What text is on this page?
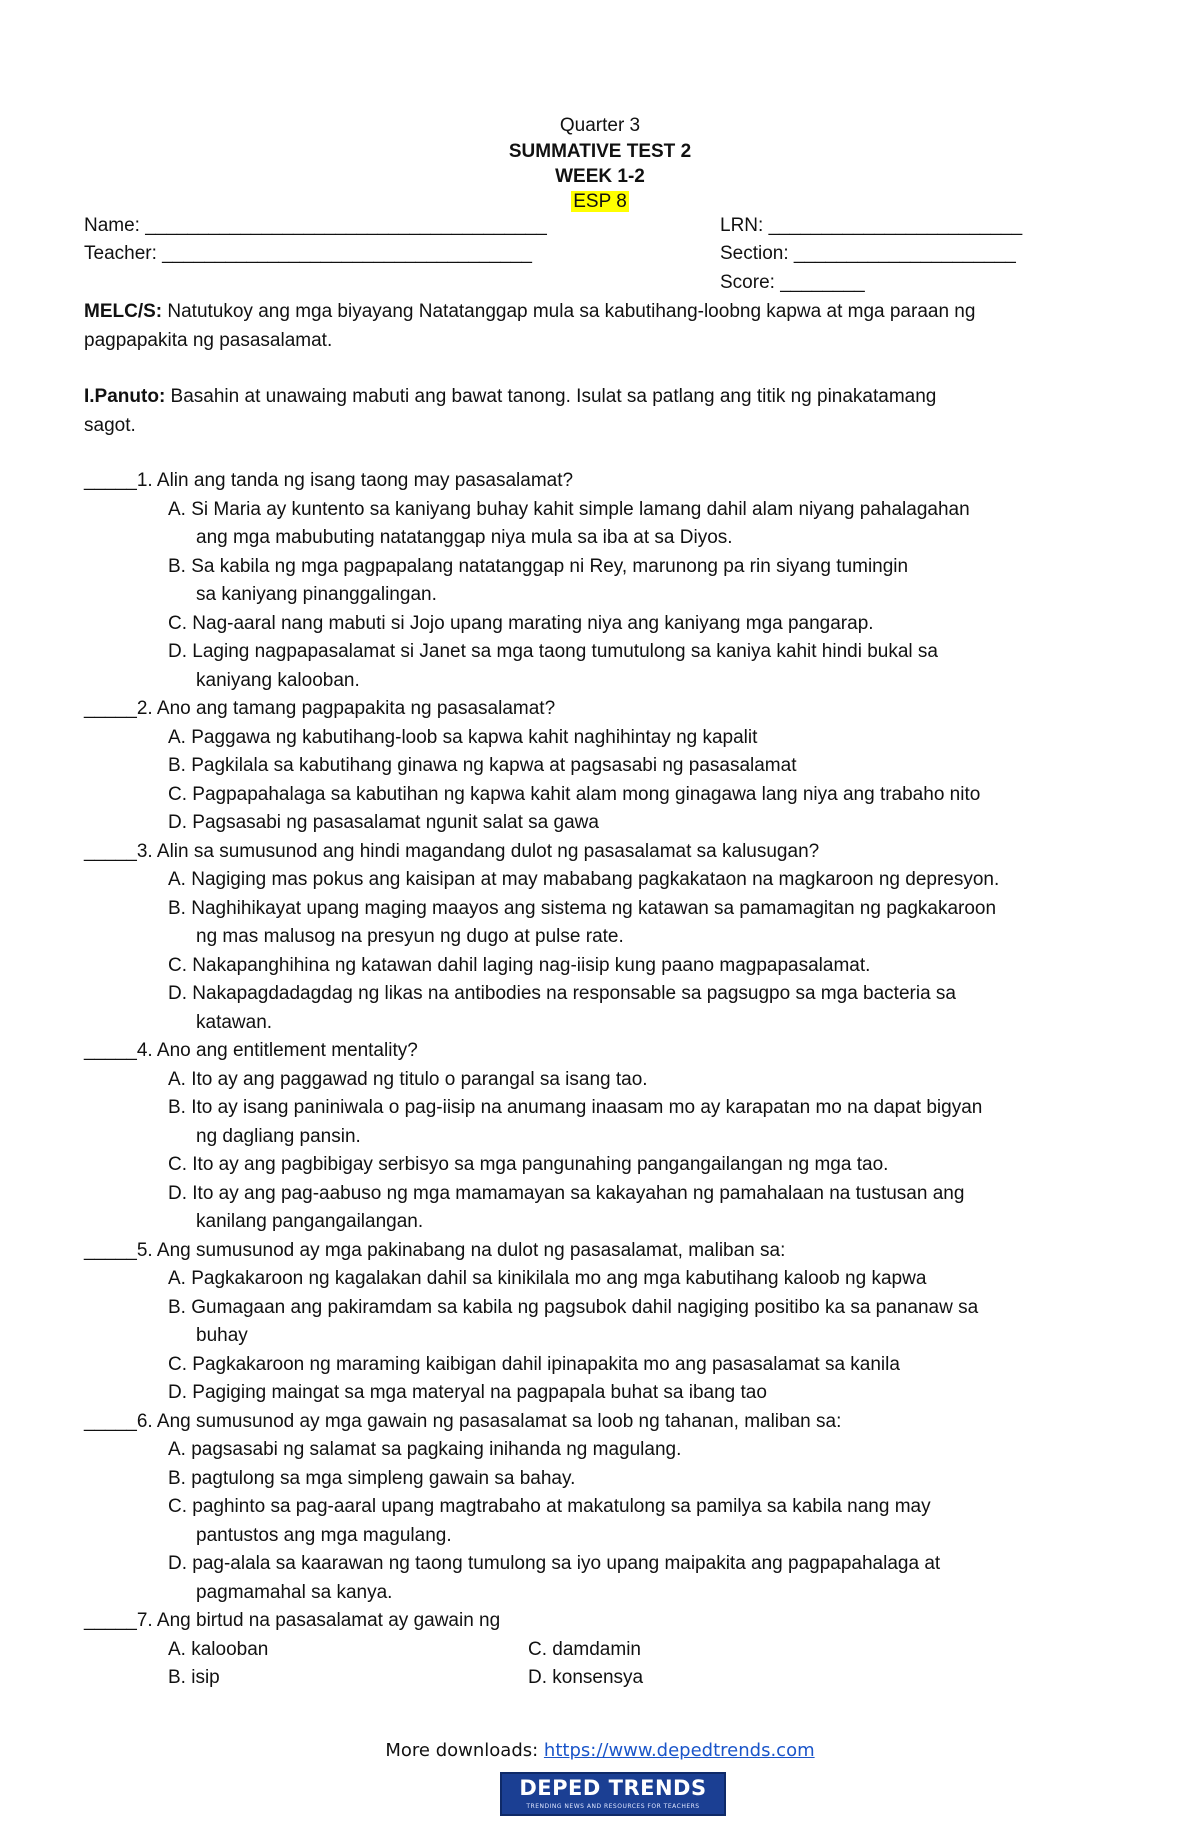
Quarter 3
SUMMATIVE TEST 2
WEEK 1-2
ESP 8
Name: ______________________________________	LRN: ________________________
Teacher: ___________________________________	Section: _____________________
Score: ________
MELC/S: Natutukoy ang mga biyayang Natatanggap mula sa kabutihang-loobng kapwa at mga paraan ng
pagpapakita ng pasasalamat.
I.Panuto: Basahin at unawaing mabuti ang bawat tanong. Isulat sa patlang ang titik ng pinakatamang
sagot.
_____1. Alin ang tanda ng isang taong may pasasalamat?
A. Si Maria ay kuntento sa kaniyang buhay kahit simple lamang dahil alam niyang pahalagahan
ang mga mabubuting natatanggap niya mula sa iba at sa Diyos.
B. Sa kabila ng mga pagpapalang natatanggap ni Rey, marunong pa rin siyang tumingin
sa kaniyang pinanggalingan.
C. Nag-aaral nang mabuti si Jojo upang marating niya ang kaniyang mga pangarap.
D. Laging nagpapasalamat si Janet sa mga taong tumutulong sa kaniya kahit hindi bukal sa
kaniyang kalooban.
_____2. Ano ang tamang pagpapakita ng pasasalamat?
A. Paggawa ng kabutihang-loob sa kapwa kahit naghihintay ng kapalit
B. Pagkilala sa kabutihang ginawa ng kapwa at pagsasabi ng pasasalamat
C. Pagpapahalaga sa kabutihan ng kapwa kahit alam mong ginagawa lang niya ang trabaho nito
D. Pagsasabi ng pasasalamat ngunit salat sa gawa
_____3. Alin sa sumusunod ang hindi magandang dulot ng pasasalamat sa kalusugan?
A. Nagiging mas pokus ang kaisipan at may mababang pagkakataon na magkaroon ng depresyon.
B. Naghihikayat upang maging maayos ang sistema ng katawan sa pamamagitan ng pagkakaroon
ng mas malusog na presyun ng dugo at pulse rate.
C. Nakapanghihina ng katawan dahil laging nag-iisip kung paano magpapasalamat.
D. Nakapagdadagdag ng likas na antibodies na responsable sa pagsugpo sa mga bacteria sa
katawan.
_____4. Ano ang entitlement mentality?
A. Ito ay ang paggawad ng titulo o parangal sa isang tao.
B. Ito ay isang paniniwala o pag-iisip na anumang inaasam mo ay karapatan mo na dapat bigyan
ng dagliang pansin.
C. Ito ay ang pagbibigay serbisyo sa mga pangunahing pangangailangan ng mga tao.
D. Ito ay ang pag-aabuso ng mga mamamayan sa kakayahan ng pamahalaan na tustusan ang
kanilang pangangailangan.
_____5. Ang sumusunod ay mga pakinabang na dulot ng pasasalamat, maliban sa:
A. Pagkakaroon ng kagalakan dahil sa kinikilala mo ang mga kabutihang kaloob ng kapwa
B. Gumagaan ang pakiramdam sa kabila ng pagsubok dahil nagiging positibo ka sa pananaw sa
buhay
C. Pagkakaroon ng maraming kaibigan dahil ipinapakita mo ang pasasalamat sa kanila
D. Pagiging maingat sa mga materyal na pagpapala buhat sa ibang tao
_____6. Ang sumusunod ay mga gawain ng pasasalamat sa loob ng tahanan, maliban sa:
A. pagsasabi ng salamat sa pagkaing inihanda ng magulang.
B. pagtulong sa mga simpleng gawain sa bahay.
C. paghinto sa pag-aaral upang magtrabaho at makatulong sa pamilya sa kabila nang may
pantustos ang mga magulang.
D. pag-alala sa kaarawan ng taong tumulong sa iyo upang maipakita ang pagpapahalaga at
pagmamahal sa kanya.
_____7. Ang birtud na pasasalamat ay gawain ng
A. kalooban	C. damdamin
B. isip	D. konsensya
More downloads: https://www.depedtrends.com
DEPED TRENDS
TRENDING NEWS AND RESOURCES FOR TEACHERS
